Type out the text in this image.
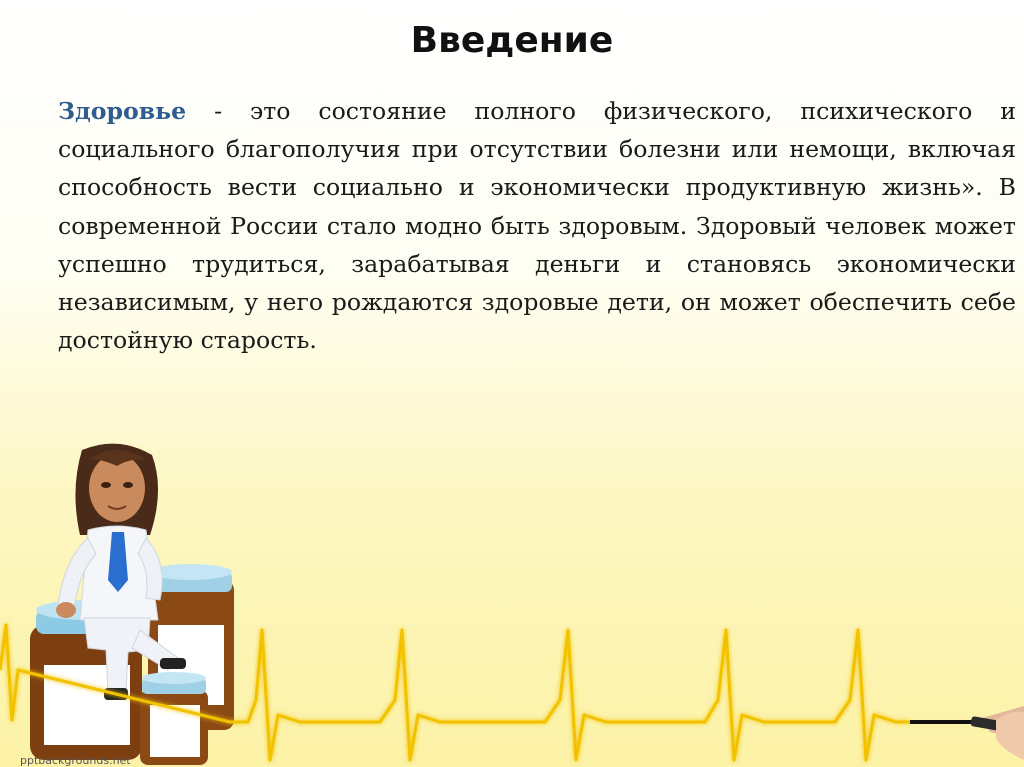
Введение

Здоровье - это состояние полного физического, психического и социального благополучия при отсутствии болезни или немощи, включая способность вести социально и экономически продуктивную жизнь». В современной России стало модно быть здоровым. Здоровый человек может успешно трудиться, зарабатывая деньги и становясь экономически независимым, у него рождаются здоровые дети, он может обеспечить себе достойную старость.

pptbackgrounds.net
